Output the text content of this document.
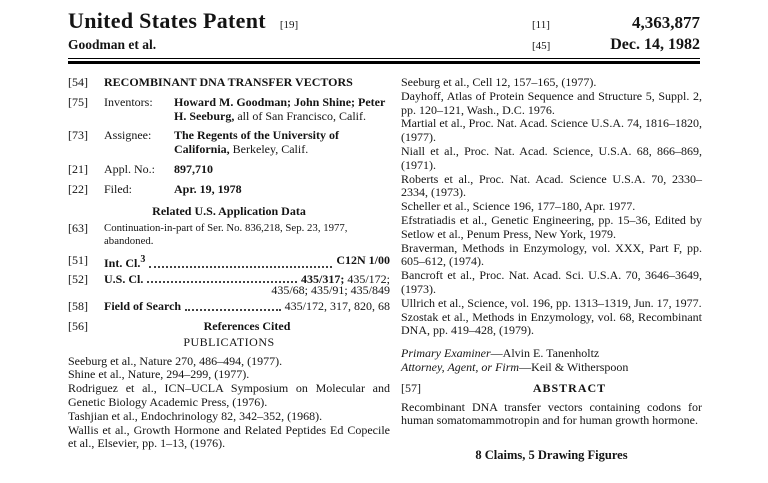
United States Patent [19]	[11]	4,363,877
Goodman et al.	[45]	Dec. 14, 1982
[54]	RECOMBINANT DNA TRANSFER VECTORS
[75]	Inventors:	Howard M. Goodman; John Shine; Peter H. Seeburg, all of San Francisco, Calif.
[73]	Assignee:	The Regents of the University of California, Berkeley, Calif.
[21]	Appl. No.:	897,710
[22]	Filed:	Apr. 19, 1978
Related U.S. Application Data
[63]	Continuation-in-part of Ser. No. 836,218, Sep. 23, 1977, abandoned.
[51]	Int. Cl.$^3$	C12N 1/00
[52]	U.S. Cl.	435/317; 435/172;
435/68; 435/91; 435/849
[58]	Field of Search	435/172, 317, 820, 68
[56]	References Cited
PUBLICATIONS
Seeburg et al., Nature 270, 486–494, (1977).
Shine et al., Nature, 294–299, (1977).
Rodriguez et al., ICN–UCLA Symposium on Molecular and Genetic Biology Academic Press, (1976).
Tashjian et al., Endochrinology 82, 342–352, (1968).
Wallis et al., Growth Hormone and Related Peptides Ed Copecile et al., Elsevier, pp. 1–13, (1976).
Seeburg et al., Cell 12, 157–165, (1977).
Dayhoff, Atlas of Protein Sequence and Structure 5, Suppl. 2, pp. 120–121, Wash., D.C. 1976.
Martial et al., Proc. Nat. Acad. Science U.S.A. 74, 1816–1820, (1977).
Niall et al., Proc. Nat. Acad. Science, U.S.A. 68, 866–869, (1971).
Roberts et al., Proc. Nat. Acad. Science U.S.A. 70, 2330–2334, (1973).
Scheller et al., Science 196, 177–180, Apr. 1977.
Efstratiadis et al., Genetic Engineering, pp. 15–36, Edited by Setlow et al., Penum Press, New York, 1979.
Braverman, Methods in Enzymology, vol. XXX, Part F, pp. 605–612, (1974).
Bancroft et al., Proc. Nat. Acad. Sci. U.S.A. 70, 3646–3649, (1973).
Ullrich et al., Science, vol. 196, pp. 1313–1319, Jun. 17, 1977.
Szostak et al., Methods in Enzymology, vol. 68, Recombinant DNA, pp. 419–428, (1979).
Primary Examiner—Alvin E. Tanenholtz
Attorney, Agent, or Firm—Keil & Witherspoon
[57]	ABSTRACT
Recombinant DNA transfer vectors containing codons for human somatomammotropin and for human growth hormone.
8 Claims, 5 Drawing Figures
